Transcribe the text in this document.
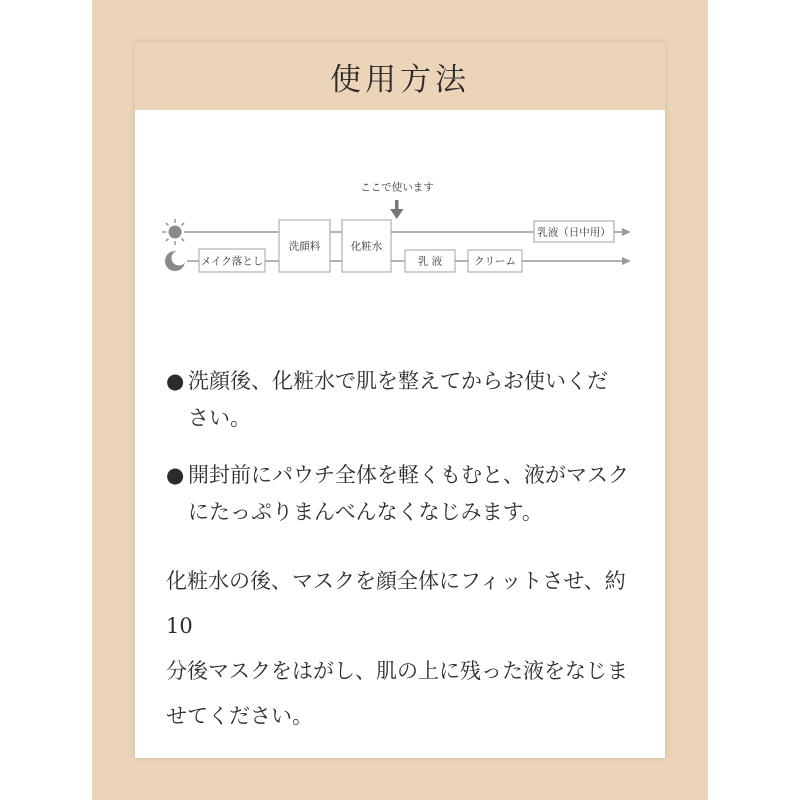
使用方法
ここで使います
メイク落とし
洗顔料	化粧水
乳 液	クリーム
乳液（日中用）
● 洗顔後、化粧水で肌を整えてからお使いくだ
さい。
● 開封前にパウチ全体を軽くもむと、液がマスク
にたっぷりまんべんなくなじみます。
化粧水の後、マスクを顔全体にフィットさせ、約10
分後マスクをはがし、肌の上に残った液をなじま
せてください。
